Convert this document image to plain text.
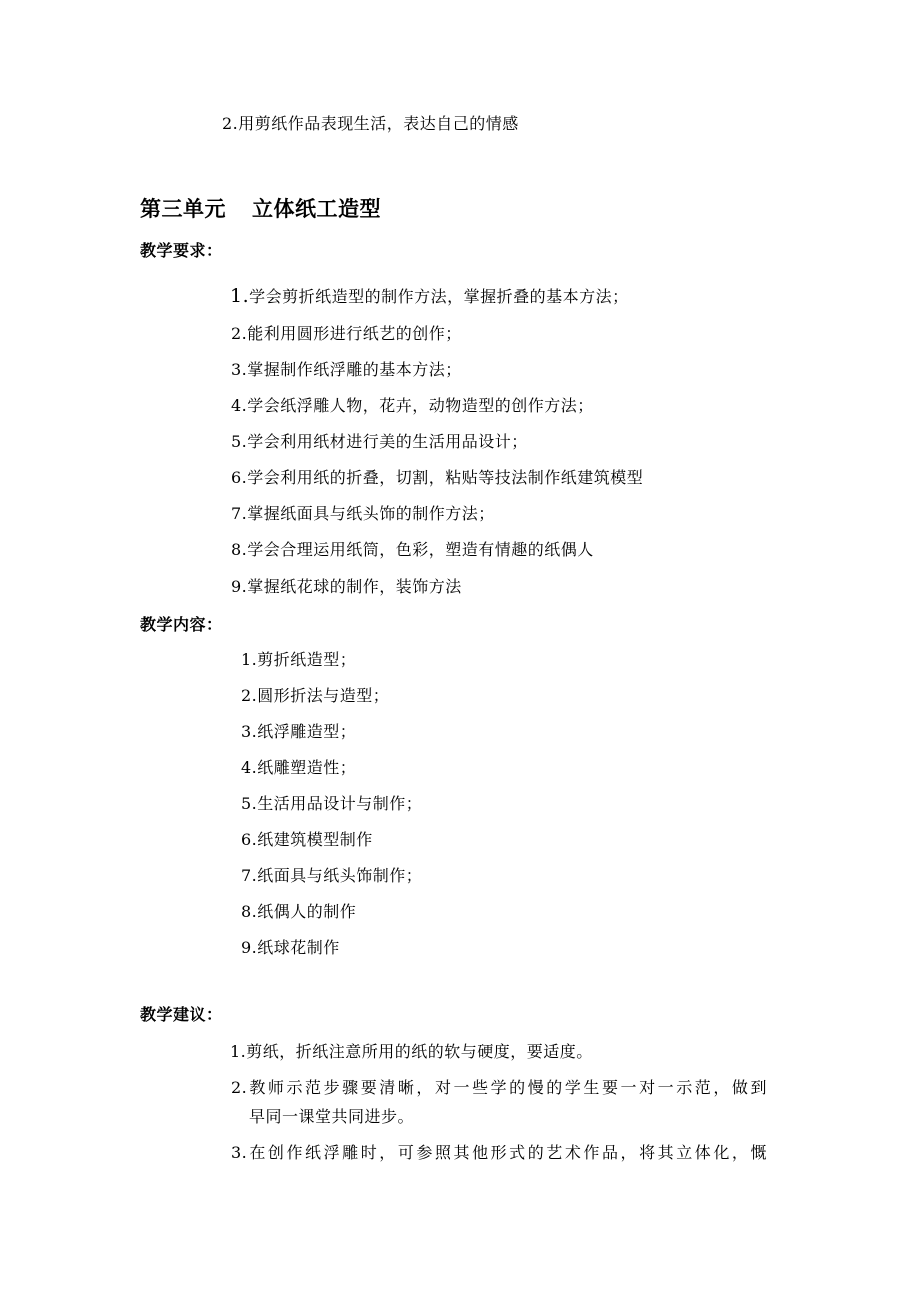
2.用剪纸作品表现生活，表达自己的情感
第三单元 立体纸工造型
教学要求：
1.学会剪折纸造型的制作方法，掌握折叠的基本方法；
2.能利用圆形进行纸艺的创作；
3.掌握制作纸浮雕的基本方法；
4.学会纸浮雕人物，花卉，动物造型的创作方法；
5.学会利用纸材进行美的生活用品设计；
6.学会利用纸的折叠，切割，粘贴等技法制作纸建筑模型
7.掌握纸面具与纸头饰的制作方法；
8.学会合理运用纸筒，色彩，塑造有情趣的纸偶人
9.掌握纸花球的制作，装饰方法
教学内容：
1.剪折纸造型；
2.圆形折法与造型；
3.纸浮雕造型；
4.纸雕塑造性；
5.生活用品设计与制作；
6.纸建筑模型制作
7.纸面具与纸头饰制作；
8.纸偶人的制作
9.纸球花制作
教学建议：
1.剪纸，折纸注意所用的纸的软与硬度，要适度。
2.教师示范步骤要清晰，对一些学的慢的学生要一对一示范，做到
早同一课堂共同进步。
3.在创作纸浮雕时，可参照其他形式的艺术作品，将其立体化，慨
